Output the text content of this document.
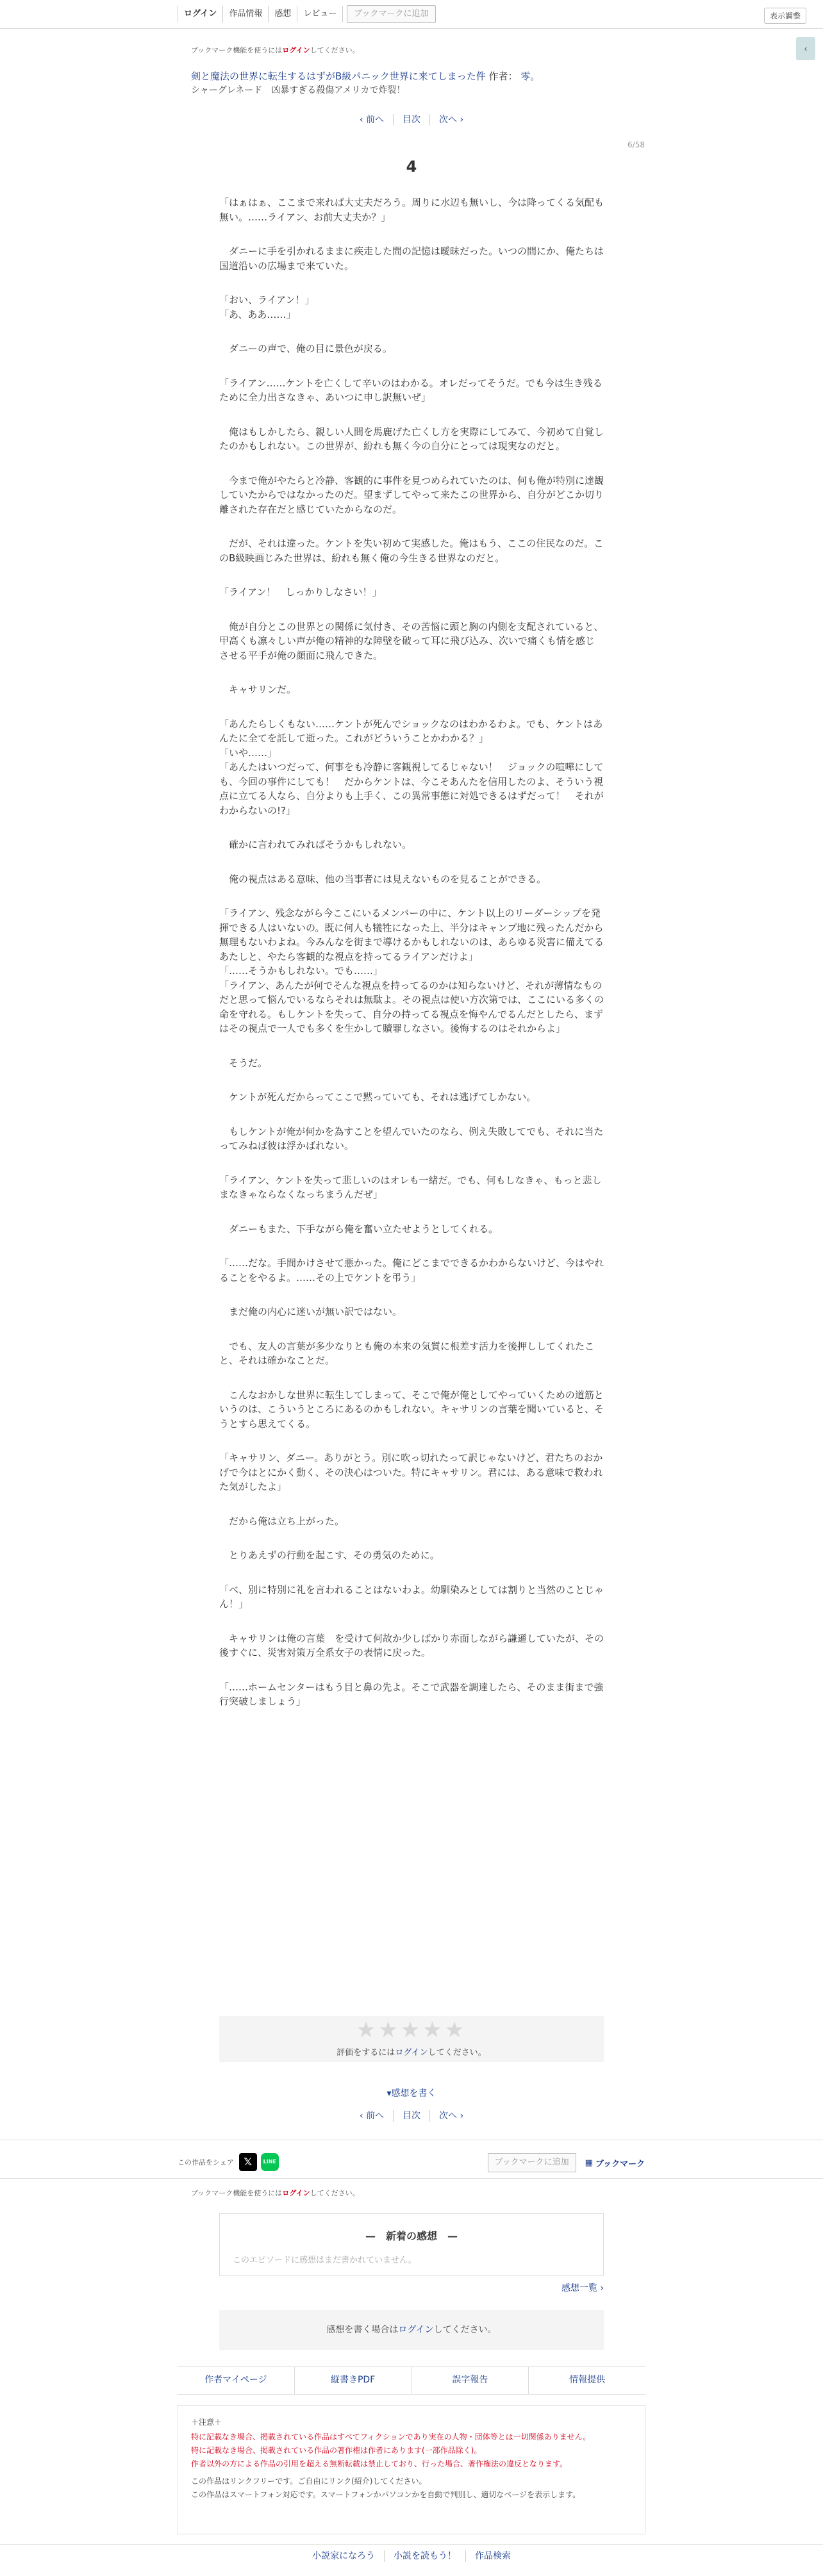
ログイン	作品情報	感想	レビュー	ブックマークに追加	表示調整
ブックマーク機能を使うにはログインしてください。	‹
剣と魔法の世界に転生するはずがB級パニック世界に来てしまった件 作者： 零。
シャーグレネード　凶暴すぎる殺傷アメリカで炸裂！
‹ 前へ 目次 次へ ›
6/58
4

「はぁはぁ、ここまで来れば大丈夫だろう。周りに水辺も無いし、今は降ってくる気配も無い。……ライアン、お前大丈夫か？」

　ダニーに手を引かれるままに疾走した間の記憶は曖昧だった。いつの間にか、俺たちは国道沿いの広場まで来ていた。

「おい、ライアン！」
「あ、ああ……」

　ダニーの声で、俺の目に景色が戻る。

「ライアン……ケントを亡くして辛いのはわかる。オレだってそうだ。でも今は生き残るために全力出さなきゃ、あいつに申し訳無いぜ」

　俺はもしかしたら、親しい人間を馬鹿げた亡くし方を実際にしてみて、今初めて自覚したのかもしれない。この世界が、紛れも無く今の自分にとっては現実なのだと。

　今まで俺がやたらと冷静、客観的に事件を見つめられていたのは、何も俺が特別に達観していたからではなかったのだ。望まずしてやって来たこの世界から、自分がどこか切り離された存在だと感じていたからなのだ。

　だが、それは違った。ケントを失い初めて実感した。俺はもう、ここの住民なのだ。このB級映画じみた世界は、紛れも無く俺の今生きる世界なのだと。

「ライアン！　しっかりしなさい！」

　俺が自分とこの世界との関係に気付き、その苦悩に頭と胸の内側を支配されていると、甲高くも凛々しい声が俺の精神的な障壁を破って耳に飛び込み、次いで痛くも情を感じさせる平手が俺の顔面に飛んできた。

　キャサリンだ。

「あんたらしくもない……ケントが死んでショックなのはわかるわよ。でも、ケントはあんたに全てを託して逝った。これがどういうことかわかる？」
「いや……」
「あんたはいつだって、何事をも冷静に客観視してるじゃない！　ジョックの喧嘩にしても、今回の事件にしても！　だからケントは、今こそあんたを信用したのよ、そういう視点に立てる人なら、自分よりも上手く、この異常事態に対処できるはずだって！　それがわからないの!?」

　確かに言われてみればそうかもしれない。

　俺の視点はある意味、他の当事者には見えないものを見ることができる。

「ライアン、残念ながら今ここにいるメンバーの中に、ケント以上のリーダーシップを発揮できる人はいないの。既に何人も犠牲になった上、半分はキャンプ地に残ったんだから無理もないわよね。今みんなを街まで導けるかもしれないのは、あらゆる災害に備えてるあたしと、やたら客観的な視点を持ってるライアンだけよ」
「……そうかもしれない。でも……」
「ライアン、あんたが何でそんな視点を持ってるのかは知らないけど、それが薄情なものだと思って悩んでいるならそれは無駄よ。その視点は使い方次第では、ここにいる多くの命を守れる。もしケントを失って、自分の持ってる視点を悔やんでるんだとしたら、まずはその視点で一人でも多くを生かして贖罪しなさい。後悔するのはそれからよ」

　そうだ。

　ケントが死んだからってここで黙っていても、それは逃げてしかない。

　もしケントが俺が何かを為すことを望んでいたのなら、例え失敗してでも、それに当たってみねば彼は浮かばれない。

「ライアン、ケントを失って悲しいのはオレも一緒だ。でも、何もしなきゃ、もっと悲しまなきゃならなくなっちまうんだぜ」

　ダニーもまた、下手ながら俺を奮い立たせようとしてくれる。

「……だな。手間かけさせて悪かった。俺にどこまでできるかわからないけど、今はやれることをやるよ。……その上でケントを弔う」

　まだ俺の内心に迷いが無い訳ではない。

　でも、友人の言葉が多少なりとも俺の本来の気質に根差す活力を後押ししてくれたこと、それは確かなことだ。

　こんなおかしな世界に転生してしまって、そこで俺が俺としてやっていくための道筋というのは、こういうところにあるのかもしれない。キャサリンの言葉を聞いていると、そうとすら思えてくる。

「キャサリン、ダニー。ありがとう。別に吹っ切れたって訳じゃないけど、君たちのおかげで今はとにかく動く、その決心はついた。特にキャサリン。君には、ある意味で救われた気がしたよ」

　だから俺は立ち上がった。

　とりあえずの行動を起こす、その勇気のために。

「べ、別に特別に礼を言われることはないわよ。幼馴染みとしては割りと当然のことじゃん！」

　キャサリンは俺の言葉　を受けて何故か少しばかり赤面しながら謙遜していたが、その後すぐに、災害対策万全系女子の表情に戻った。

「……ホームセンターはもう目と鼻の先よ。そこで武器を調達したら、そのまま街まで強行突破しましょう」

★★★★★
評価をするにはログインしてください。
▾感想を書く
‹ 前へ 目次 次へ ›
この作品をシェア 𝕏	LINE	ブックマークに追加	▦ ブックマーク
ブックマーク機能を使うにはログインしてください。
—　新着の感想　—
このエピソードに感想はまだ書かれていません。
感想一覧 ›
感想を書く場合はログインしてください。
作者マイページ	縦書きPDF	誤字報告	情報提供
＋注意＋
特に記載なき場合、掲載されている作品はすべてフィクションであり実在の人物・団体等とは一切関係ありません。
特に記載なき場合、掲載されている作品の著作権は作者にあります(一部作品除く)。
作者以外の方による作品の引用を超える無断転載は禁止しており、行った場合、著作権法の違反となります。
この作品はリンクフリーです。ご自由にリンク(紹介)してください。
この作品はスマートフォン対応です。スマートフォンかパソコンかを自動で判別し、適切なページを表示します。
小説家になろう 小説を読もう！ 作品検索
